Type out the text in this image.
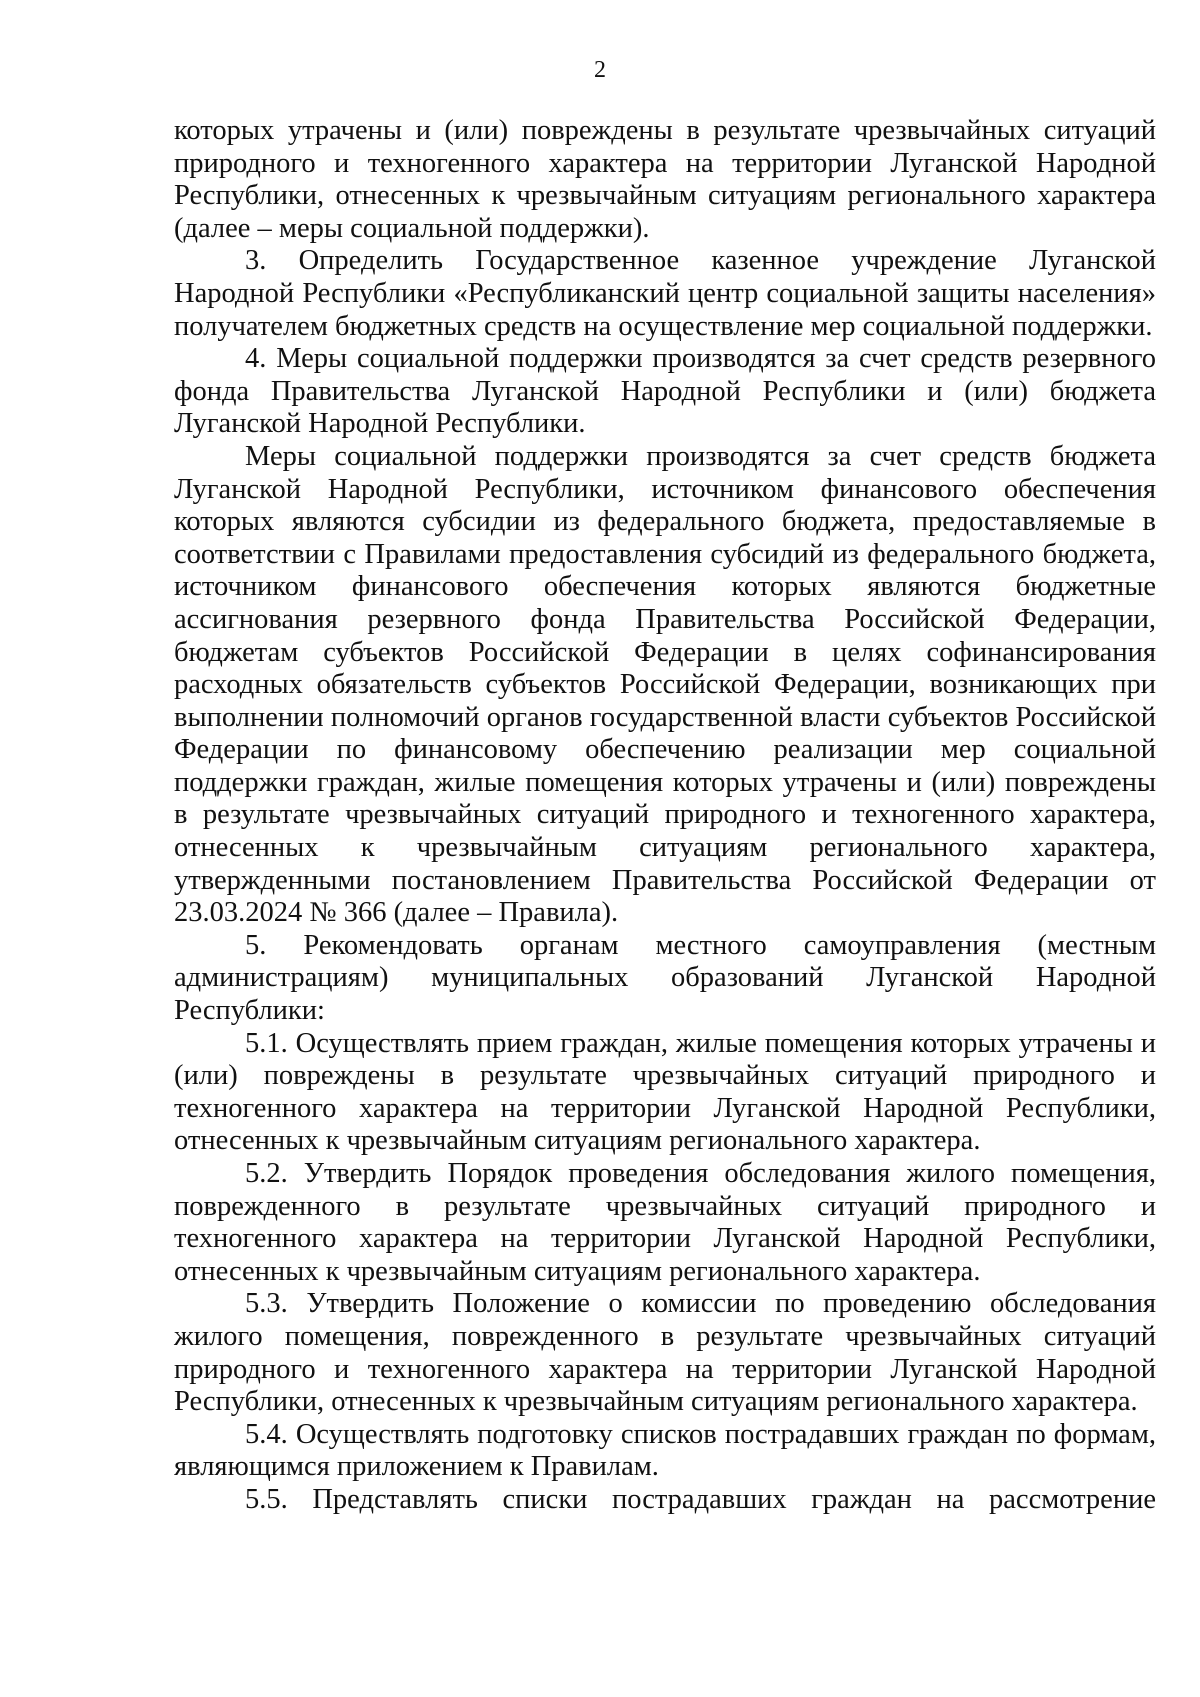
2

которых утрачены и (или) повреждены в результате чрезвычайных ситуаций природного и техногенного характера на территории Луганской Народной Республики, отнесенных к чрезвычайным ситуациям регионального характера (далее – меры социальной поддержки).

3. Определить Государственное казенное учреждение Луганской Народной Республики «Республиканский центр социальной защиты населения» получателем бюджетных средств на осуществление мер социальной поддержки.

4. Меры социальной поддержки производятся за счет средств резервного фонда Правительства Луганской Народной Республики и (или) бюджета Луганской Народной Республики.

Меры социальной поддержки производятся за счет средств бюджета Луганской Народной Республики, источником финансового обеспечения которых являются субсидии из федерального бюджета, предоставляемые в соответствии с Правилами предоставления субсидий из федерального бюджета, источником финансового обеспечения которых являются бюджетные ассигнования резервного фонда Правительства Российской Федерации, бюджетам субъектов Российской Федерации в целях софинансирования расходных обязательств субъектов Российской Федерации, возникающих при выполнении полномочий органов государственной власти субъектов Российской Федерации по финансовому обеспечению реализации мер социальной поддержки граждан, жилые помещения которых утрачены и (или) повреждены в результате чрезвычайных ситуаций природного и техногенного характера, отнесенных к чрезвычайным ситуациям регионального характера, утвержденными постановлением Правительства Российской Федерации от 23.03.2024 № 366 (далее – Правила).

5. Рекомендовать органам местного самоуправления (местным администрациям) муниципальных образований Луганской Народной Республики:

5.1. Осуществлять прием граждан, жилые помещения которых утрачены и (или) повреждены в результате чрезвычайных ситуаций природного и техногенного характера на территории Луганской Народной Республики, отнесенных к чрезвычайным ситуациям регионального характера.

5.2. Утвердить Порядок проведения обследования жилого помещения, поврежденного в результате чрезвычайных ситуаций природного и техногенного характера на территории Луганской Народной Республики, отнесенных к чрезвычайным ситуациям регионального характера.

5.3. Утвердить Положение о комиссии по проведению обследования жилого помещения, поврежденного в результате чрезвычайных ситуаций природного и техногенного характера на территории Луганской Народной Республики, отнесенных к чрезвычайным ситуациям регионального характера.

5.4. Осуществлять подготовку списков пострадавших граждан по формам, являющимся приложением к Правилам.

5.5. Представлять списки пострадавших граждан на рассмотрение
